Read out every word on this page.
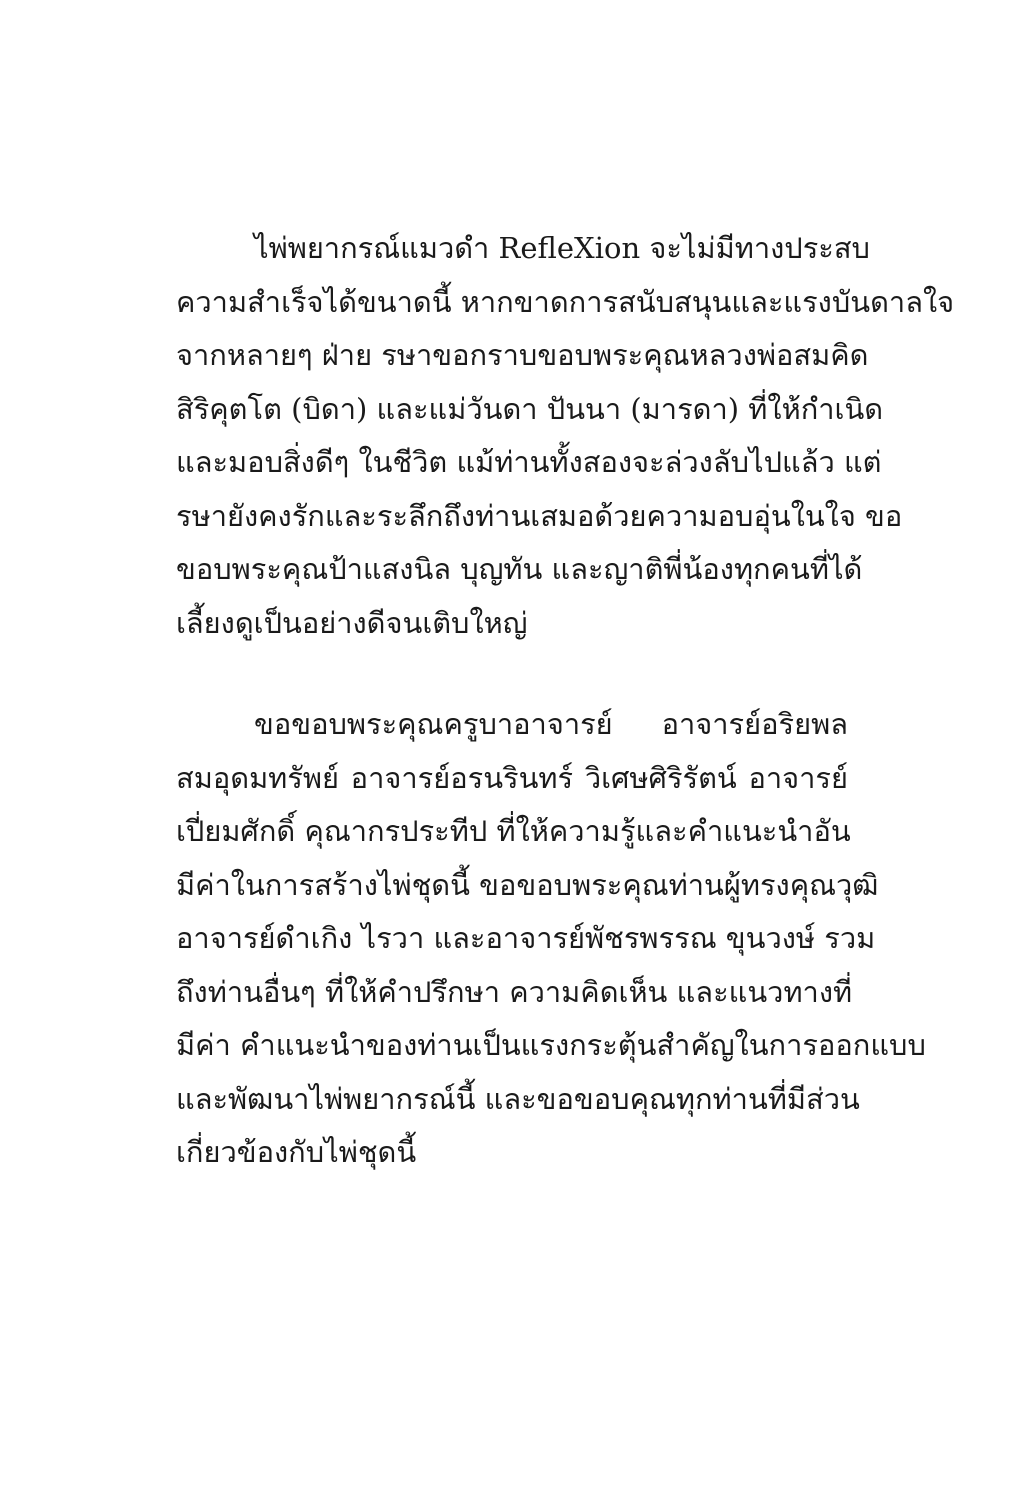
ไพ่พยากรณ์แมวดำ RefleXion จะไม่มีทางประสบ
ความสำเร็จได้ขนาดนี้ หากขาดการสนับสนุนและแรงบันดาลใจ
จากหลายๆ ฝ่าย รษาขอกราบขอบพระคุณหลวงพ่อสมคิด
สิริคุตโต (บิดา) และแม่วันดา ปันนา (มารดา) ที่ให้กำเนิด
และมอบสิ่งดีๆ ในชีวิต แม้ท่านทั้งสองจะล่วงลับไปแล้ว แต่
รษายังคงรักและระลึกถึงท่านเสมอด้วยความอบอุ่นในใจ ขอ
ขอบพระคุณป้าแสงนิล บุญทัน และญาติพี่น้องทุกคนที่ได้
เลี้ยงดูเป็นอย่างดีจนเติบใหญ่
ขอขอบพระคุณครูบาอาจารย์ อาจารย์อริยพล
สมอุดมทรัพย์ อาจารย์อรนรินทร์ วิเศษศิริรัตน์ อาจารย์
เปี่ยมศักดิ์ คุณากรประทีป ที่ให้ความรู้และคำแนะนำอัน
มีค่าในการสร้างไพ่ชุดนี้ ขอขอบพระคุณท่านผู้ทรงคุณวุฒิ
อาจารย์ดำเกิง ไรวา และอาจารย์พัชรพรรณ ขุนวงษ์ รวม
ถึงท่านอื่นๆ ที่ให้คำปรึกษา ความคิดเห็น และแนวทางที่
มีค่า คำแนะนำของท่านเป็นแรงกระตุ้นสำคัญในการออกแบบ
และพัฒนาไพ่พยากรณ์นี้ และขอขอบคุณทุกท่านที่มีส่วน
เกี่ยวข้องกับไพ่ชุดนี้
